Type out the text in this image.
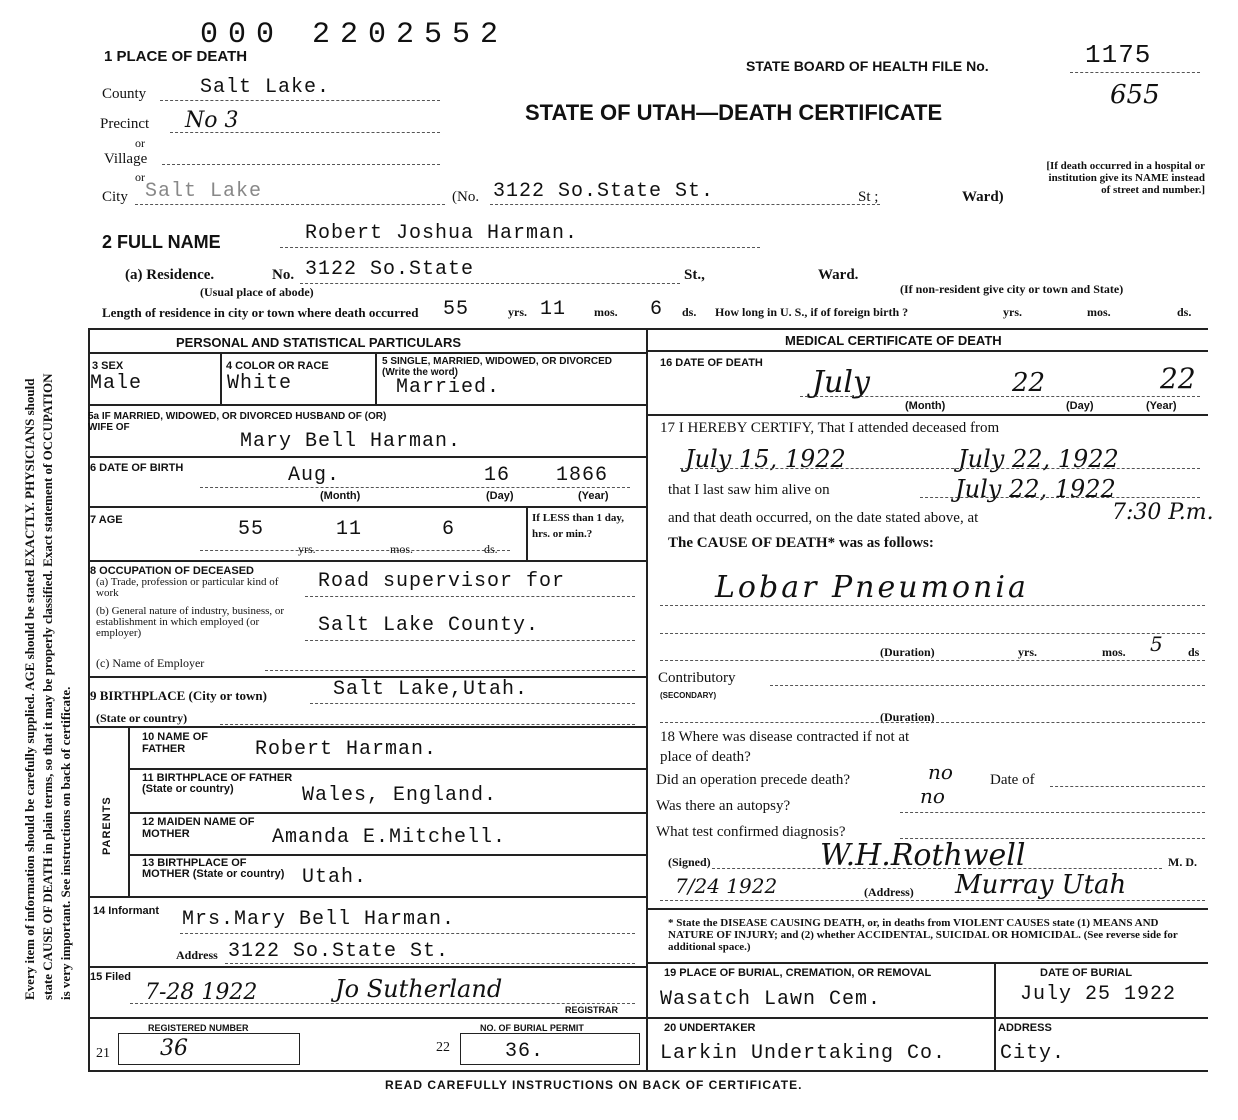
Every item of information should be carefully supplied. AGE should be stated EXACTLY. PHYSICIANS should state CAUSE OF DEATH in plain terms, so that it may be properly classified. Exact statement of OCCUPATION is very important. See instructions on back of certificate.
000 2202552
1 PLACE OF DEATH
STATE BOARD OF HEALTH FILE No.	1175
655
STATE OF UTAH—DEATH CERTIFICATE
[If death occurred in a hospital or institution give its NAME instead of street and number.]
County	Salt Lake.
Precinct No 3
or
Village
or
City Salt Lake	(No. 3122 So.State St.	St ;	Ward)
2 FULL NAME	Robert Joshua Harman.
(a) Residence.	No. 3122 So.State	St.,	Ward.
(Usual place of abode)	(If non-resident give city or town and State)
Length of residence in city or town where death occurred 55	yrs. 11 mos. 6 ds. How long in U. S., if of foreign birth ?	yrs.	mos.	ds.
PERSONAL AND STATISTICAL PARTICULARS
3 SEX
Male
4 COLOR OR RACE
White
5 SINGLE, MARRIED, WIDOWED, OR DIVORCED (Write the word)
Married.
5a IF MARRIED, WIDOWED, OR DIVORCED HUSBAND OF (OR) WIFE OF
Mary Bell Harman.
6 DATE OF BIRTH	Aug.	16 1866
(Month)	(Day)	(Year)
7 AGE	55	11	6
yrs.	mos.	ds.
If LESS than 1 day, hrs. or min.?
8 OCCUPATION OF DECEASED
(a) Trade, profession or particular kind of work	Road supervisor for
(b) General nature of industry, business, or establishment in which employed (or employer)	Salt Lake County.
(c) Name of Employer
9 BIRTHPLACE (City or town)	Salt Lake,Utah.
(State or country)
PARENTS
10 NAME OF FATHER	Robert Harman.
11 BIRTHPLACE OF FATHER (State or country)	Wales, England.
12 MAIDEN NAME OF MOTHER	Amanda E.Mitchell.
13 BIRTHPLACE OF MOTHER (State or country) Utah.
14 Informant Mrs.Mary Bell Harman.
Address 3122 So.State St.
15 Filed
7-28 1922	Jo Sutherland
REGISTRAR
REGISTERED NUMBER
21 36
NO. OF BURIAL PERMIT
22	36.
MEDICAL CERTIFICATE OF DEATH
16 DATE OF DEATH
July	22	22
(Month)	(Day)	(Year)
17 I HEREBY CERTIFY, That I attended deceased from
July 15, 1922	July 22, 1922
that I last saw him alive on	July 22, 1922
and that death occurred, on the date stated above, at	7:30 P.m.
The CAUSE OF DEATH* was as follows:
Lobar Pneumonia
(Duration)	yrs.	mos. 5 ds
Contributory
(SECONDARY)
(Duration)
18 Where was disease contracted if not at place of death?
Did an operation precede death?	no Date of
Was there an autopsy?	no
What test confirmed diagnosis?
(Signed)	W.H.Rothwell	M. D.
7/24 1922	(Address) Murray Utah
* State the DISEASE CAUSING DEATH, or, in deaths from VIOLENT CAUSES state (1) MEANS AND NATURE OF INJURY; and (2) whether ACCIDENTAL, SUICIDAL OR HOMICIDAL. (See reverse side for additional space.)
19 PLACE OF BURIAL, CREMATION, OR REMOVAL
Wasatch Lawn Cem.
DATE OF BURIAL
July 25 1922
20 UNDERTAKER
Larkin Undertaking Co.
ADDRESS
City.
READ CAREFULLY INSTRUCTIONS ON BACK OF CERTIFICATE.
